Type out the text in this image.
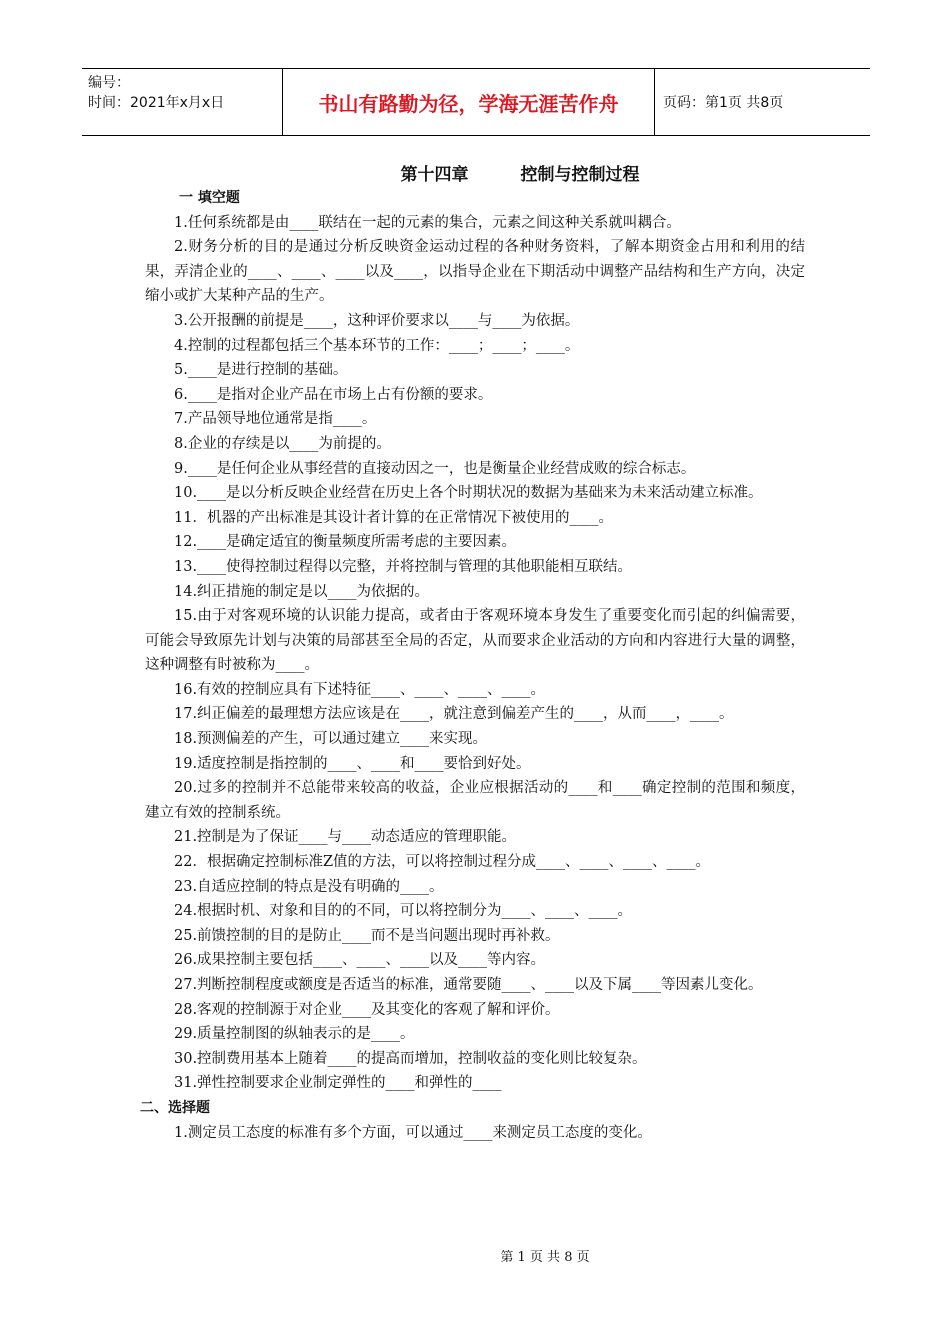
编号：
时间：2021年x月x日	书山有路勤为径，学海无涯苦作舟	页码：第1页 共8页
第十四章	控制与控制过程
一 填空题
1.任何系统都是由____联结在一起的元素的集合，元素之间这种关系就叫耦合。
2.财务分析的目的是通过分析反映资金运动过程的各种财务资料，了解本期资金占用和利用的结果，弄清企业的____、____、____以及____，以指导企业在下期活动中调整产品结构和生产方向，决定缩小或扩大某种产品的生产。
3.公开报酬的前提是____，这种评价要求以____与____为依据。
4.控制的过程都包括三个基本环节的工作：____；____；____。
5.____是进行控制的基础。
6.____是指对企业产品在市场上占有份额的要求。
7.产品领导地位通常是指____。
8.企业的存续是以____为前提的。
9.____是任何企业从事经营的直接动因之一，也是衡量企业经营成败的综合标志。
10.____是以分析反映企业经营在历史上各个时期状况的数据为基础来为未来活动建立标准。
11．机器的产出标准是其设计者计算的在正常情况下被使用的____。
12.____是确定适宜的衡量频度所需考虑的主要因素。
13.____使得控制过程得以完整，并将控制与管理的其他职能相互联结。
14.纠正措施的制定是以____为依据的。
15.由于对客观环境的认识能力提高，或者由于客观环境本身发生了重要变化而引起的纠偏需要，可能会导致原先计划与决策的局部甚至全局的否定，从而要求企业活动的方向和内容进行大量的调整，这种调整有时被称为____。
16.有效的控制应具有下述特征____、____、____、____。
17.纠正偏差的最理想方法应该是在____，就注意到偏差产生的____，从而____，____。
18.预测偏差的产生，可以通过建立____来实现。
19.适度控制是指控制的____、____和____要恰到好处。
20.过多的控制并不总能带来较高的收益，企业应根据活动的____和____确定控制的范围和频度，建立有效的控制系统。
21.控制是为了保证____与____动态适应的管理职能。
22．根据确定控制标准Z值的方法，可以将控制过程分成____、____、____、____。
23.自适应控制的特点是没有明确的____。
24.根据时机、对象和目的的不同，可以将控制分为____、____、____。
25.前馈控制的目的是防止____而不是当问题出现时再补救。
26.成果控制主要包括____、____、____以及____等内容。
27.判断控制程度或额度是否适当的标准，通常要随____、____以及下属____等因素儿变化。
28.客观的控制源于对企业____及其变化的客观了解和评价。
29.质量控制图的纵轴表示的是____。
30.控制费用基本上随着____的提高而增加，控制收益的变化则比较复杂。
31.弹性控制要求企业制定弹性的____和弹性的____
二、选择题
1.测定员工态度的标准有多个方面，可以通过____来测定员工态度的变化。
第 1 页 共 8 页
